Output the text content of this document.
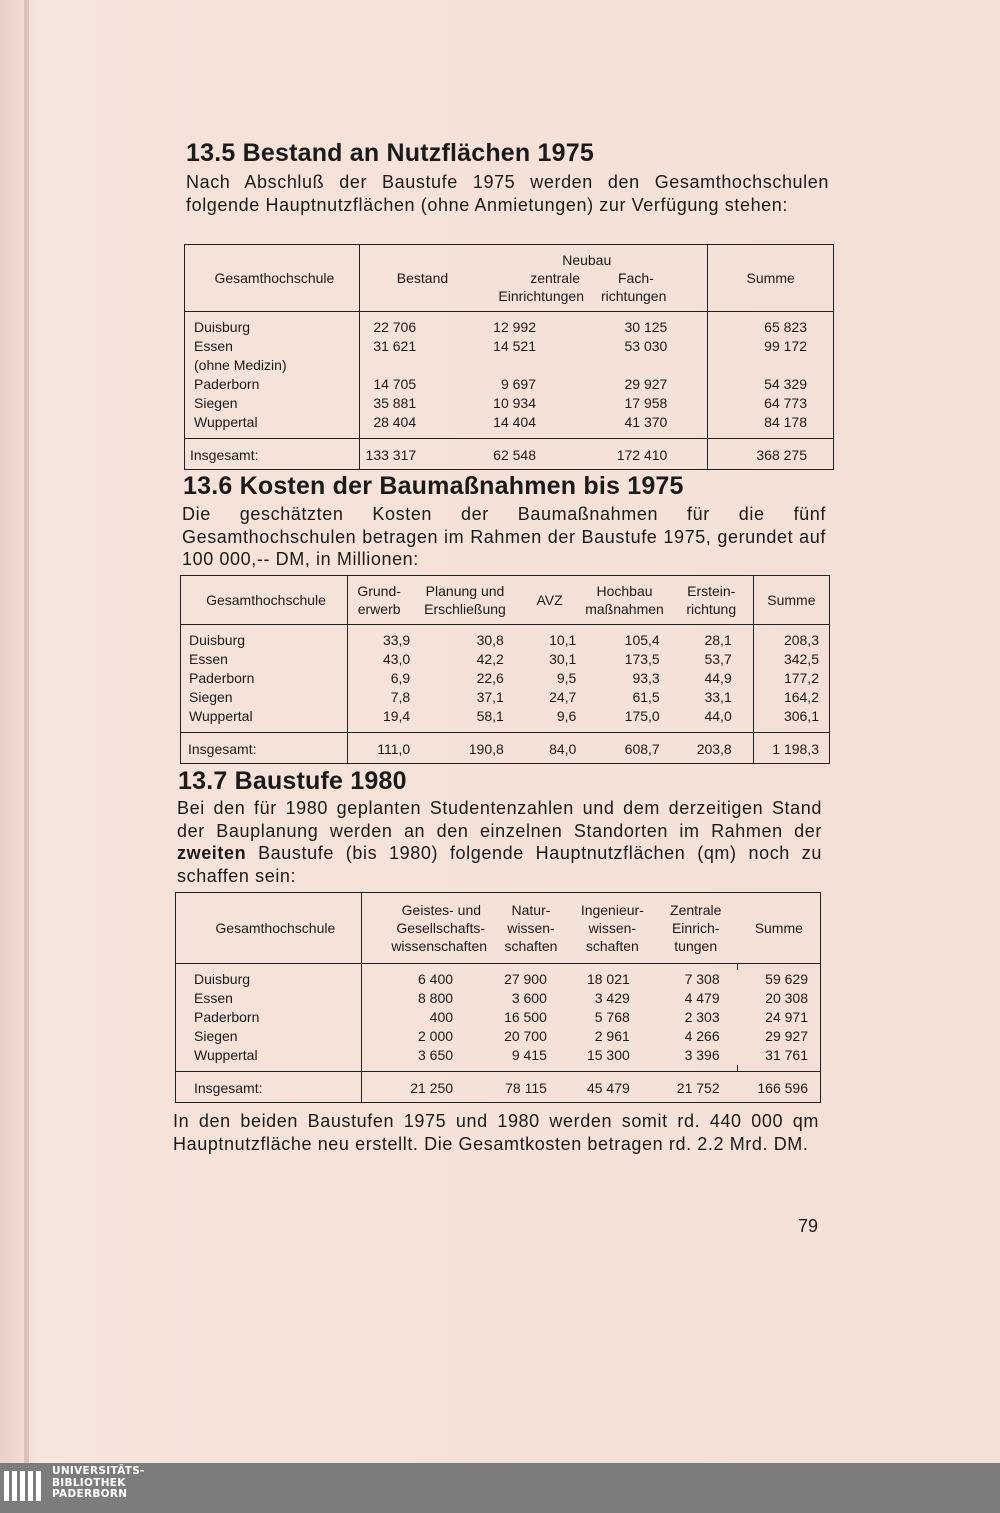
13.5 Bestand an Nutzflächen 1975

Nach Abschluß der Baustufe 1975 werden den Gesamthochschulen folgende Hauptnutzflächen (ohne Anmietungen) zur Verfügung stehen:

Gesamthochschule	Bestand	Neubau		Summe
		zentrale	Fach-	
		Einrichtungen	richtungen	

Duisburg	22 706	12 992	30 125	65 823
Essen	31 621	14 521	53 030	99 172
(ohne Medizin)				
Paderborn	14 705	9 697	29 927	54 329
Siegen	35 881	10 934	17 958	64 773
Wuppertal	28 404	14 404	41 370	84 178

Insgesamt:	133 317	62 548	172 410	368 275
13.6 Kosten der Baumaßnahmen bis 1975

Die geschätzten Kosten der Baumaßnahmen für die fünf Gesamthochschulen betragen im Rahmen der Baustufe 1975, gerundet auf 100 000,-- DM, in Millionen:

Gesamthochschule	Grund-	Planung und	AVZ	Hochbau	Erstein-	Summe
	erwerb	Erschließung		maßnahmen	richtung	

Duisburg	33,9	30,8	10,1	105,4	28,1	208,3
Essen	43,0	42,2	30,1	173,5	53,7	342,5
Paderborn	6,9	22,6	9,5	93,3	44,9	177,2
Siegen	7,8	37,1	24,7	61,5	33,1	164,2
Wuppertal	19,4	58,1	9,6	175,0	44,0	306,1

Insgesamt:	111,0	190,8	84,0	608,7	203,8	1 198,3
13.7 Baustufe 1980

Bei den für 1980 geplanten Studentenzahlen und dem derzeitigen Stand der Bauplanung werden an den einzelnen Standorten im Rahmen der zweiten Baustufe (bis 1980) folgende Hauptnutzflächen (qm) noch zu schaffen sein:

Gesamthochschule	Geistes- und	Natur-	Ingenieur-	Zentrale	Summe
	Gesellschafts-	wissen-	wissen-	Einrich-	
	wissenschaften	schaften	schaften	tungen	

Duisburg	6 400	27 900	18 021	7 308	59 629
Essen	8 800	3 600	3 429	4 479	20 308
Paderborn	400	16 500	5 768	2 303	24 971
Siegen	2 000	20 700	2 961	4 266	29 927
Wuppertal	3 650	9 415	15 300	3 396	31 761

Insgesamt:	21 250	78 115	45 479	21 752	166 596

In den beiden Baustufen 1975 und 1980 werden somit rd. 440 000 qm Hauptnutzfläche neu erstellt. Die Gesamtkosten betragen rd. 2.2 Mrd. DM.

79
UNIVERSITÄTS-
BIBLIOTHEK
PADERBORN
